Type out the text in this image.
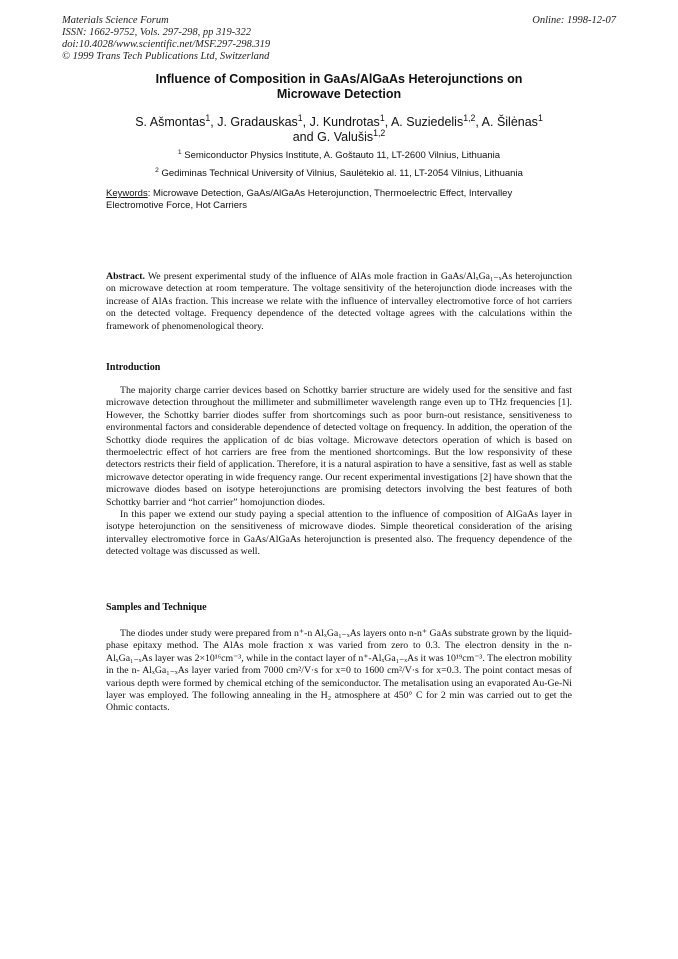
Materials Science Forum
ISSN: 1662-9752, Vols. 297-298, pp 319-322
doi:10.4028/www.scientific.net/MSF.297-298.319
© 1999 Trans Tech Publications Ltd, Switzerland
Online: 1998-12-07
Influence of Composition in GaAs/AlGaAs Heterojunctions on
Microwave Detection
S. Ašmontas$^1$, J. Gradauskas$^1$, J. Kundrotas$^1$, A. Suziedelis$^{1,2}$, A. Šilėnas$^1$
and G. Valušis$^{1,2}$
$^1$ Semiconductor Physics Institute, A. Goštauto 11, LT-2600 Vilnius, Lithuania
$^2$ Gediminas Technical University of Vilnius, Saulėtekio al. 11, LT-2054 Vilnius, Lithuania
Keywords: Microwave Detection, GaAs/AlGaAs Heterojunction, Thermoelectric Effect, Intervalley Electromotive Force, Hot Carriers
Abstract. We present experimental study of the influence of AlAs mole fraction in GaAs/AlₓGa₁₋ₓAs heterojunction on microwave detection at room temperature. The voltage sensitivity of the heterojunction diode increases with the increase of AlAs fraction. This increase we relate with the influence of intervalley electromotive force of hot carriers on the detected voltage. Frequency dependence of the detected voltage agrees with the calculations within the framework of phenomenological theory.
Introduction

The majority charge carrier devices based on Schottky barrier structure are widely used for the sensitive and fast microwave detection throughout the millimeter and submillimeter wavelength range even up to THz frequencies [1]. However, the Schottky barrier diodes suffer from shortcomings such as poor burn-out resistance, sensitiveness to environmental factors and considerable dependence of detected voltage on frequency. In addition, the operation of the Schottky diode requires the application of dc bias voltage. Microwave detectors operation of which is based on thermoelectric effect of hot carriers are free from the mentioned shortcomings. But the low responsivity of these detectors restricts their field of application. Therefore, it is a natural aspiration to have a sensitive, fast as well as stable microwave detector operating in wide frequency range. Our recent experimental investigations [2] have shown that the microwave diodes based on isotype heterojunctions are promising detectors involving the best features of both Schottky barrier and “hot carrier” homojunction diodes.

In this paper we extend our study paying a special attention to the influence of composition of AlGaAs layer in isotype heterojunction on the sensitiveness of microwave diodes. Simple theoretical consideration of the arising intervalley electromotive force in GaAs/AlGaAs heterojunction is presented also. The frequency dependence of the detected voltage was discussed as well.

Samples and Technique

The diodes under study were prepared from n⁺-n AlₓGa₁₋ₓAs layers onto n-n⁺ GaAs substrate grown by the liquid-phase epitaxy method. The AlAs mole fraction x was varied from zero to 0.3. The electron density in the n- AlₓGa₁₋ₓAs layer was 2×10¹⁶cm⁻³, while in the contact layer of n⁺-AlₓGa₁₋ₓAs it was 10¹⁹cm⁻³. The electron mobility in the n- AlₓGa₁₋ₓAs layer varied from 7000 cm²/V·s for x=0 to 1600 cm²/V·s for x=0.3. The point contact mesas of various depth were formed by chemical etching of the semiconductor. The metalisation using an evaporated Au-Ge-Ni layer was employed. The following annealing in the H₂ atmosphere at 450° C for 2 min was carried out to get the Ohmic contacts.
